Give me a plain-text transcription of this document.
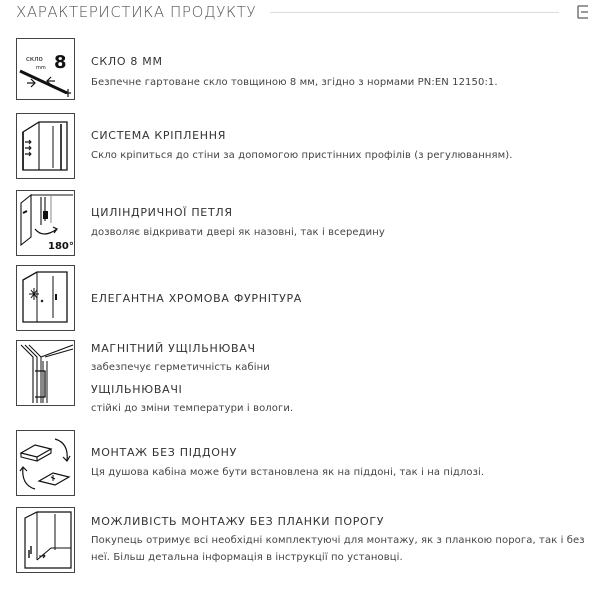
ХАРАКТЕРИСТИКА ПРОДУКТУ
скло
mm 8 СКЛО 8 ММ
Безпечне гартоване скло товщиною 8 мм, згідно з нормами PN:EN 12150:1.
СИСТЕМА КРІПЛЕННЯ
Скло кріпиться до стіни за допомогою пристінних профілів (з регулюванням).
180°
ЦИЛІНДРИЧНОЇ ПЕТЛЯ
дозволяє відкривати двері як назовні, так і всередину
ЕЛЕГАНТНА ХРОМОВА ФУРНІТУРА
МАГНІТНИЙ УЩІЛЬНЮВАЧ
забезпечує герметичність кабіни
УЩІЛЬНЮВАЧІ
стійкі до зміни температури і вологи.
МОНТАЖ БЕЗ ПІДДОНУ
Ця душова кабіна може бути встановлена як на піддоні, так і на підлозі.
МОЖЛИВІСТЬ МОНТАЖУ БЕЗ ПЛАНКИ ПОРОГУ
Покупець отримує всі необхідні комплектуючі для монтажу, як з планкою порога, так і без неї. Більш детальна інформація в інструкції по установці.
